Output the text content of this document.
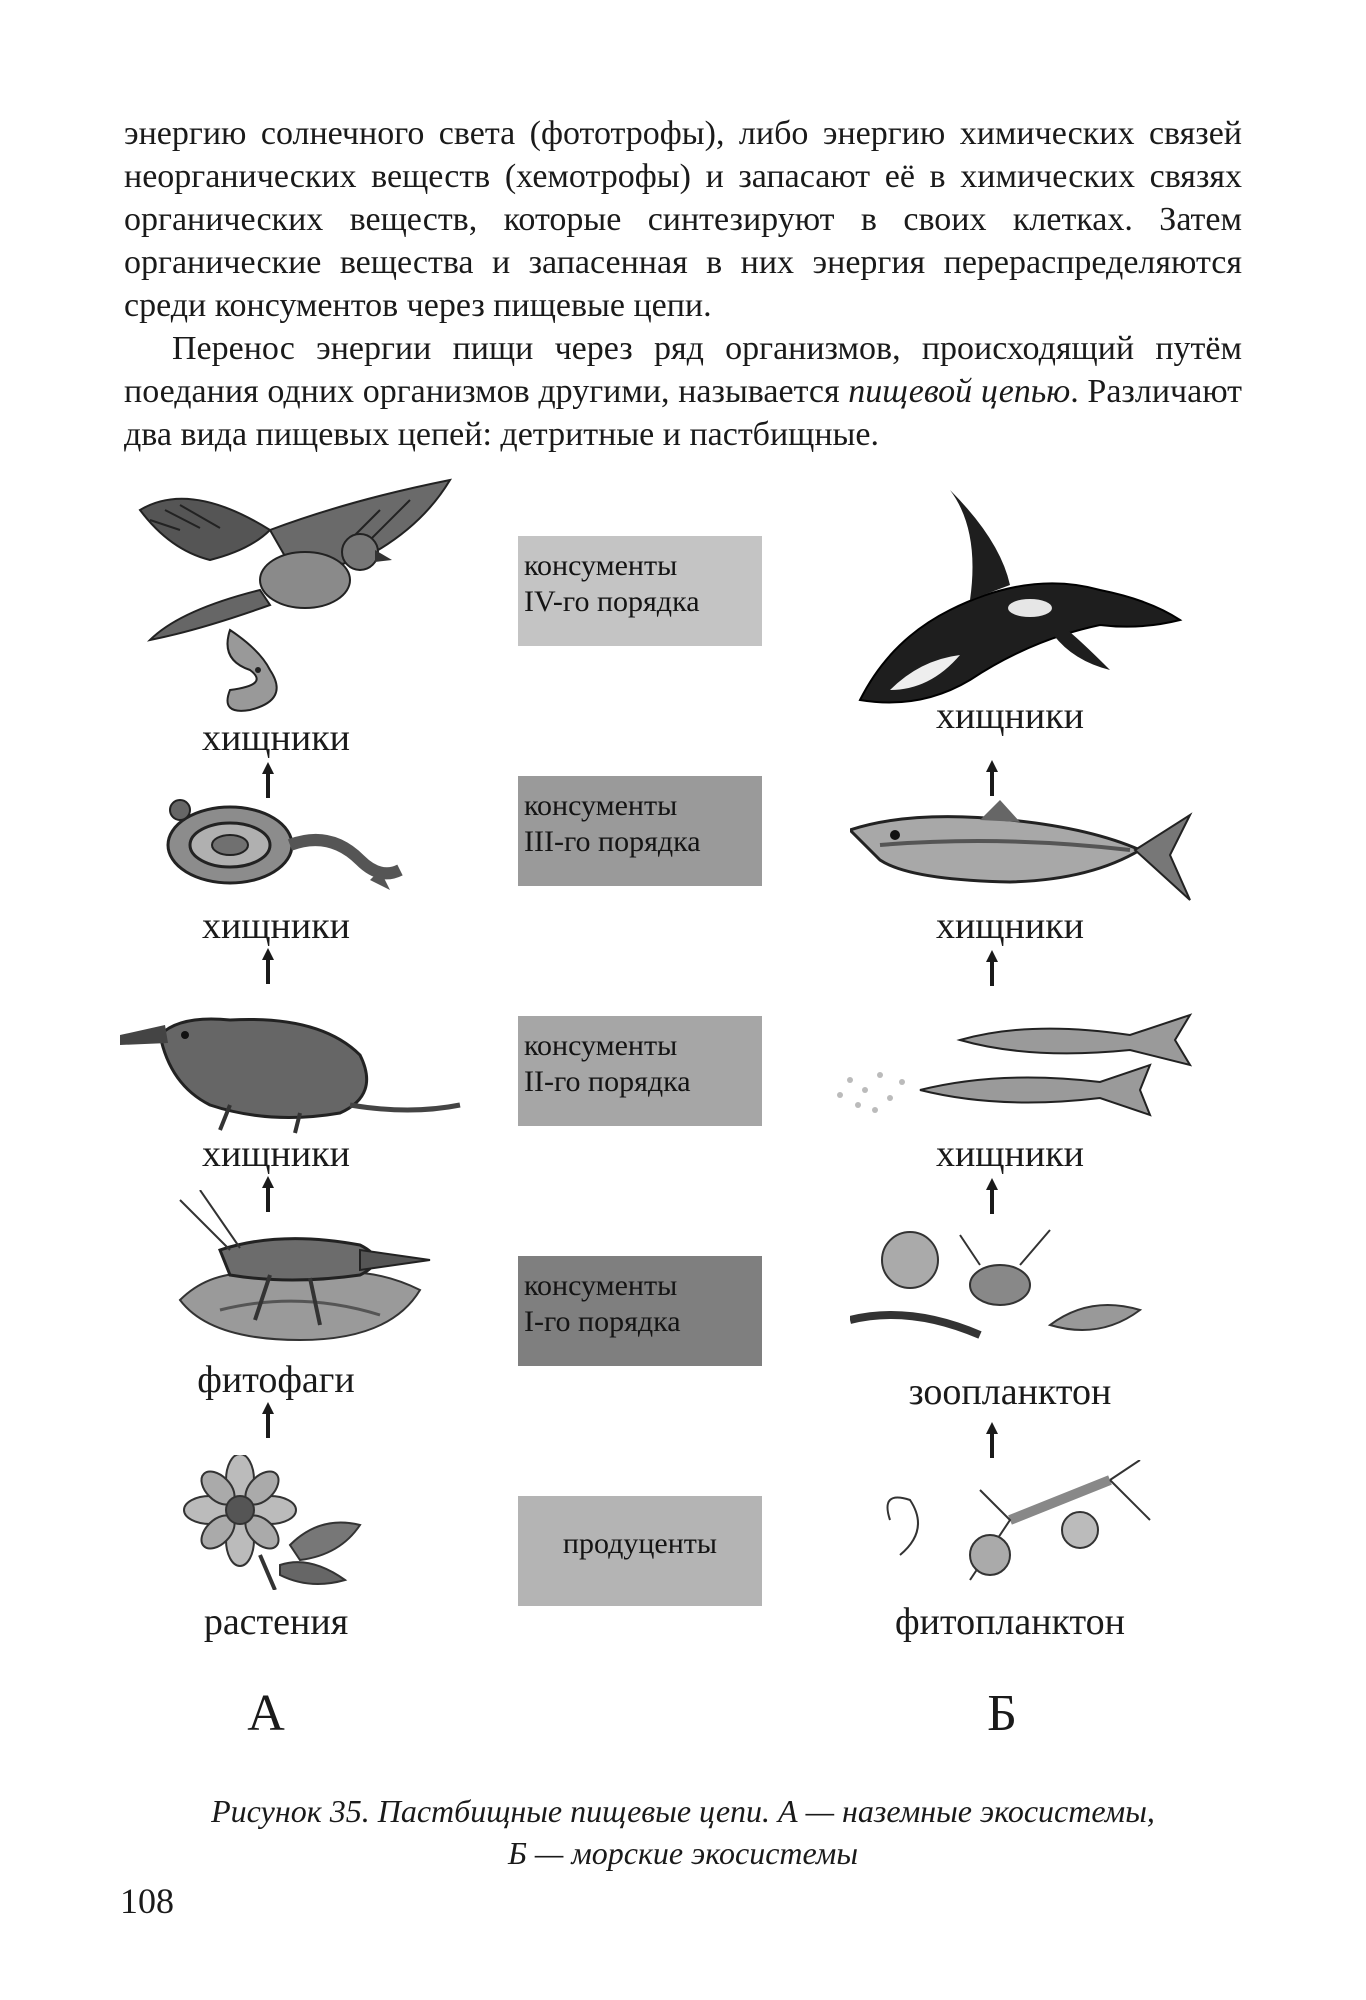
энергию солнечного света (фототрофы), либо энергию химических связей неорганических веществ (хемотрофы) и запасают её в химических связях органических веществ, которые синтезируют в своих клетках. Затем органические вещества и запасенная в них энергия перераспределяются среди консументов через пищевые цепи.

Перенос энергии пищи через ряд организмов, происходящий путём поедания одних организмов другими, называется пищевой цепью. Различают два вида пищевых цепей: детритные и пастбищные.

хищники
хищники
хищники
фитофаги
растения
А
консументы
IV-го порядка
консументы
III-го порядка
консументы
II-го порядка
консументы
I-го порядка
продуценты
хищники
хищники
хищники
зоопланктон
фитопланктон
Б
Рисунок 35. Пастбищные пищевые цепи. А — наземные экосистемы,
Б — морские экосистемы
108
